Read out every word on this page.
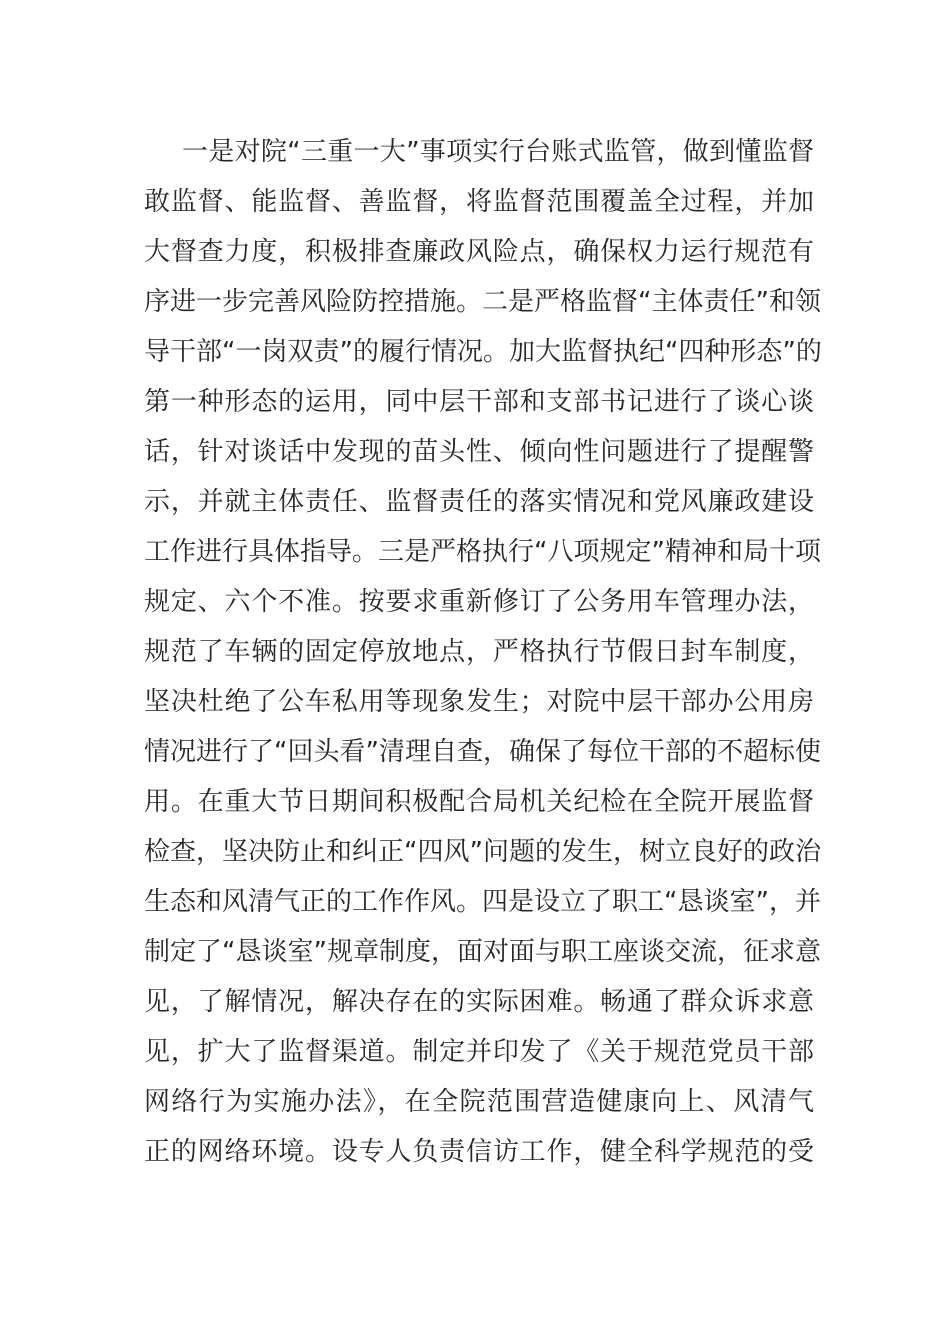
一是对院“三重一大”事项实行台账式监管，做到懂监督
敢监督、能监督、善监督，将监督范围覆盖全过程，并加
大督查力度，积极排查廉政风险点，确保权力运行规范有
序进一步完善风险防控措施。二是严格监督“主体责任”和领
导干部“一岗双责”的履行情况。加大监督执纪“四种形态”的
第一种形态的运用，同中层干部和支部书记进行了谈心谈
话，针对谈话中发现的苗头性、倾向性问题进行了提醒警
示，并就主体责任、监督责任的落实情况和党风廉政建设
工作进行具体指导。三是严格执行“八项规定”精神和局十项
规定、六个不准。按要求重新修订了公务用车管理办法，
规范了车辆的固定停放地点，严格执行节假日封车制度，
坚决杜绝了公车私用等现象发生；对院中层干部办公用房
情况进行了“回头看”清理自查，确保了每位干部的不超标使
用。在重大节日期间积极配合局机关纪检在全院开展监督
检查，坚决防止和纠正“四风”问题的发生，树立良好的政治
生态和风清气正的工作作风。四是设立了职工“恳谈室”，并
制定了“恳谈室”规章制度，面对面与职工座谈交流，征求意
见，了解情况，解决存在的实际困难。畅通了群众诉求意
见，扩大了监督渠道。制定并印发了《关于规范党员干部
网络行为实施办法》，在全院范围营造健康向上、风清气
正的网络环境。设专人负责信访工作，健全科学规范的受
